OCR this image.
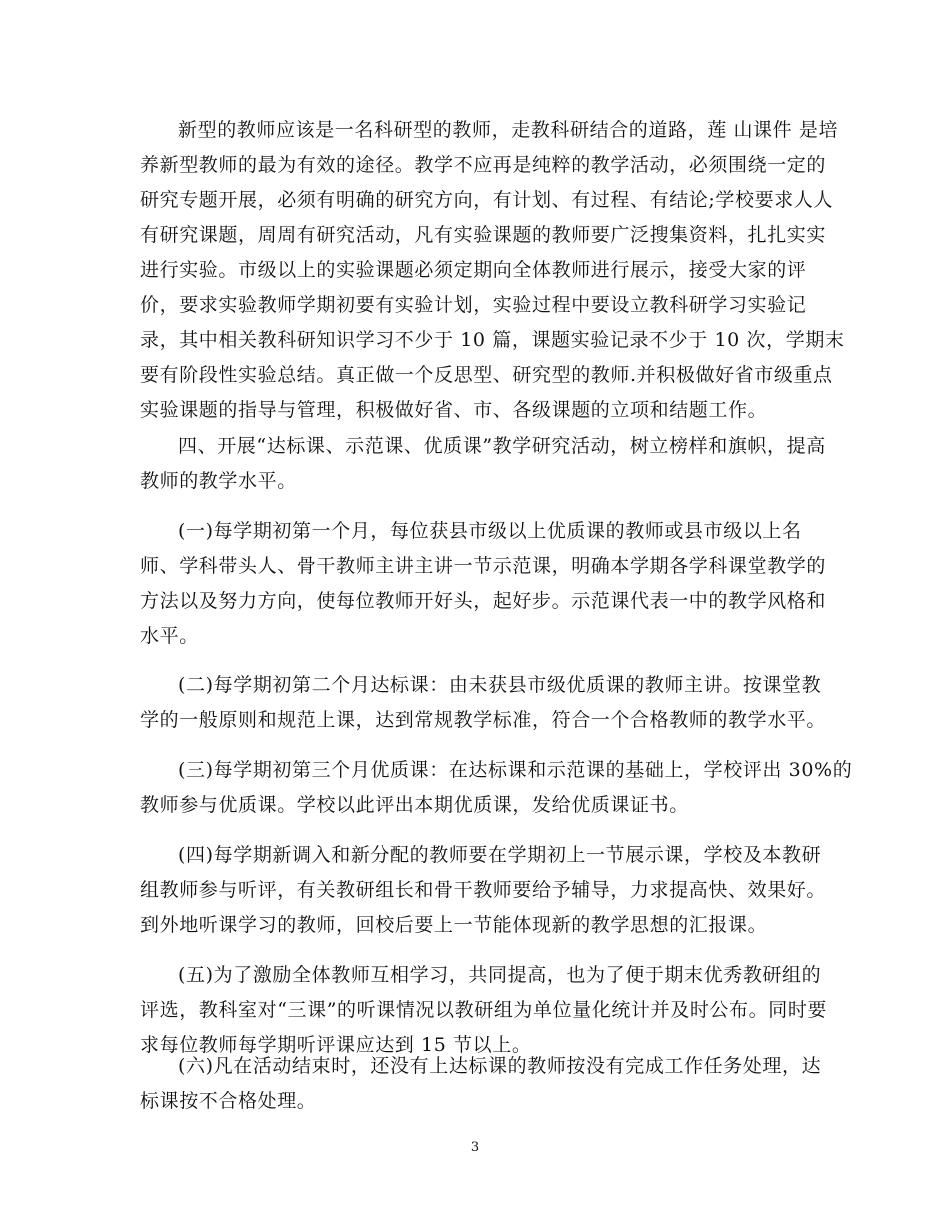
新型的教师应该是一名科研型的教师，走教科研结合的道路，莲 山课件 是培
养新型教师的最为有效的途径。教学不应再是纯粹的教学活动，必须围绕一定的
研究专题开展，必须有明确的研究方向，有计划、有过程、有结论;学校要求人人
有研究课题，周周有研究活动，凡有实验课题的教师要广泛搜集资料，扎扎实实
进行实验。市级以上的实验课题必须定期向全体教师进行展示，接受大家的评
价，要求实验教师学期初要有实验计划，实验过程中要设立教科研学习实验记
录，其中相关教科研知识学习不少于 10 篇，课题实验记录不少于 10 次，学期末
要有阶段性实验总结。真正做一个反思型、研究型的教师.并积极做好省市级重点
实验课题的指导与管理，积极做好省、市、各级课题的立项和结题工作。
四、开展“达标课、示范课、优质课”教学研究活动，树立榜样和旗帜，提高
教师的教学水平。
(一)每学期初第一个月，每位获县市级以上优质课的教师或县市级以上名
师、学科带头人、骨干教师主讲主讲一节示范课，明确本学期各学科课堂教学的
方法以及努力方向，使每位教师开好头，起好步。示范课代表一中的教学风格和
水平。
(二)每学期初第二个月达标课：由未获县市级优质课的教师主讲。按课堂教
学的一般原则和规范上课，达到常规教学标准，符合一个合格教师的教学水平。
(三)每学期初第三个月优质课：在达标课和示范课的基础上，学校评出 30%的
教师参与优质课。学校以此评出本期优质课，发给优质课证书。
(四)每学期新调入和新分配的教师要在学期初上一节展示课，学校及本教研
组教师参与听评，有关教研组长和骨干教师要给予辅导，力求提高快、效果好。
到外地听课学习的教师，回校后要上一节能体现新的教学思想的汇报课。
(五)为了激励全体教师互相学习，共同提高，也为了便于期末优秀教研组的
评选，教科室对“三课”的听课情况以教研组为单位量化统计并及时公布。同时要
求每位教师每学期听评课应达到 15 节以上。
(六)凡在活动结束时，还没有上达标课的教师按没有完成工作任务处理，达
标课按不合格处理。
3
